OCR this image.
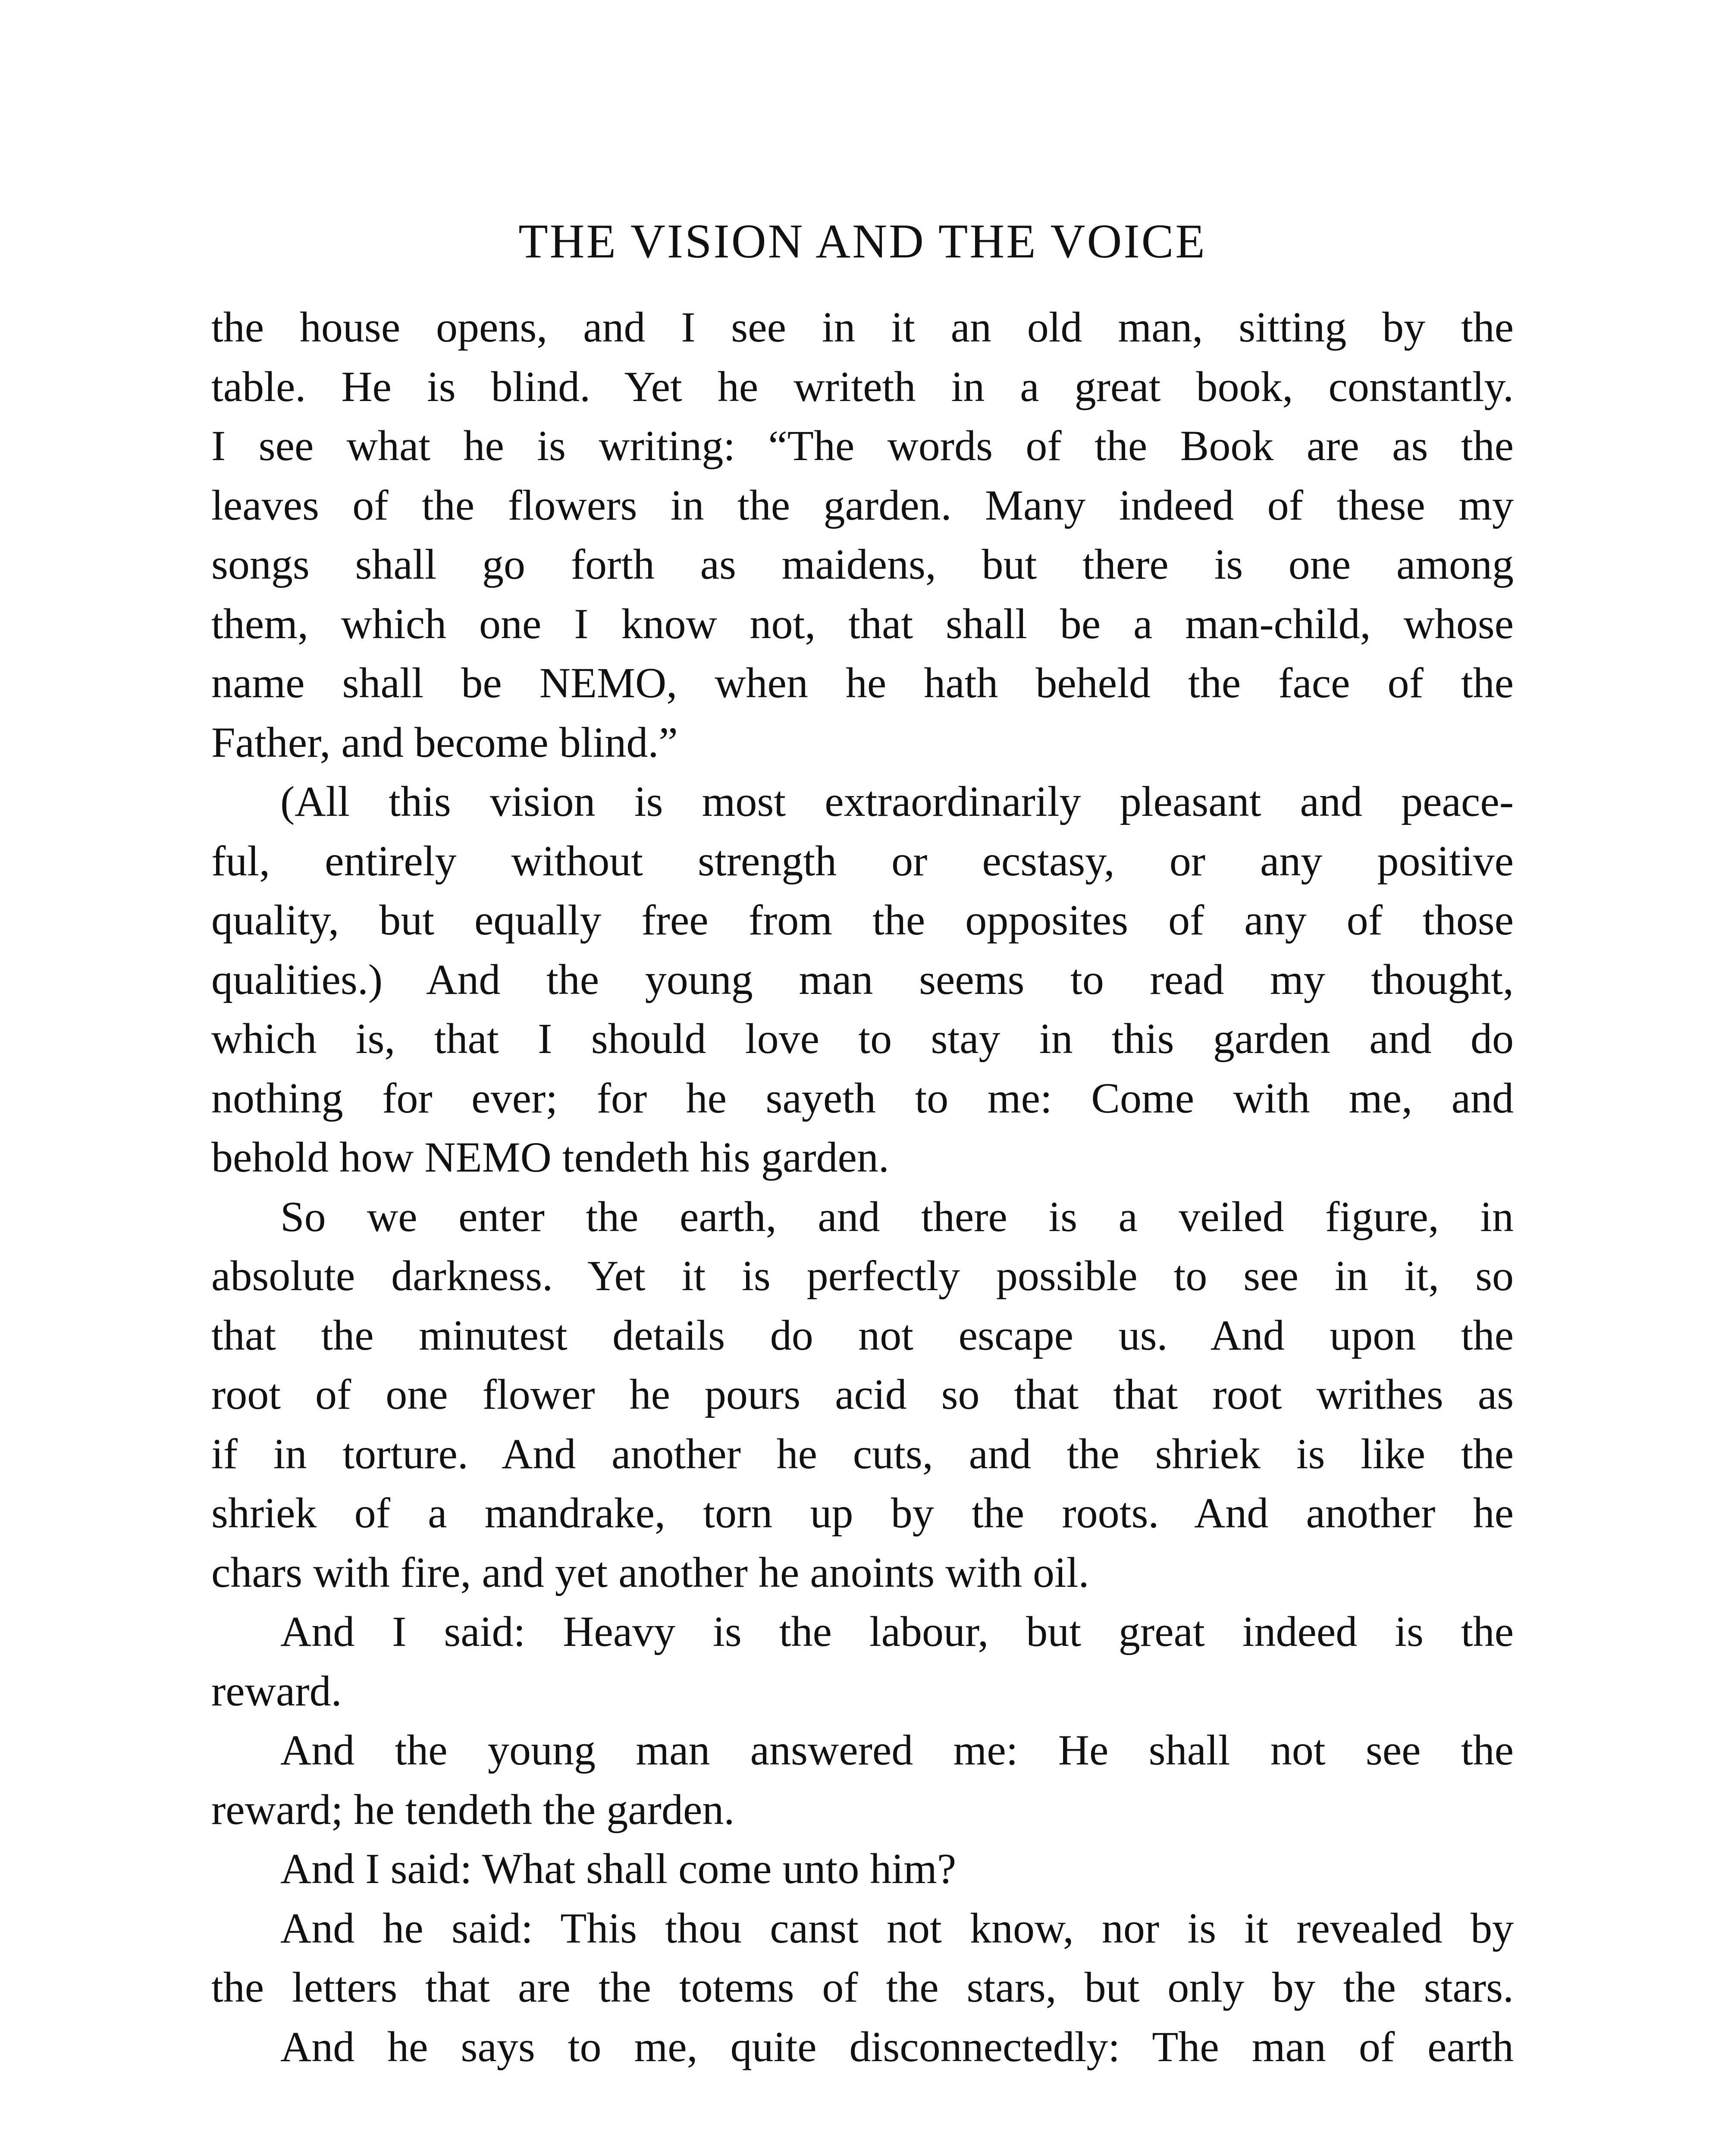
THE VISION AND THE VOICE
the house opens, and I see in it an old man, sitting by the
table. He is blind. Yet he writeth in a great book, constantly.
I see what he is writing: “The words of the Book are as the
leaves of the flowers in the garden. Many indeed of these my
songs shall go forth as maidens, but there is one among
them, which one I know not, that shall be a man-child, whose
name shall be NEMO, when he hath beheld the face of the
Father, and become blind.”
(All this vision is most extraordinarily pleasant and peace-
ful, entirely without strength or ecstasy, or any positive
quality, but equally free from the opposites of any of those
qualities.) And the young man seems to read my thought,
which is, that I should love to stay in this garden and do
nothing for ever; for he sayeth to me: Come with me, and
behold how NEMO tendeth his garden.
So we enter the earth, and there is a veiled figure, in
absolute darkness. Yet it is perfectly possible to see in it, so
that the minutest details do not escape us. And upon the
root of one flower he pours acid so that that root writhes as
if in torture. And another he cuts, and the shriek is like the
shriek of a mandrake, torn up by the roots. And another he
chars with fire, and yet another he anoints with oil.
And I said: Heavy is the labour, but great indeed is the
reward.
And the young man answered me: He shall not see the
reward; he tendeth the garden.
And I said: What shall come unto him?
And he said: This thou canst not know, nor is it revealed by
the letters that are the totems of the stars, but only by the stars.
And he says to me, quite disconnectedly: The man of earth
